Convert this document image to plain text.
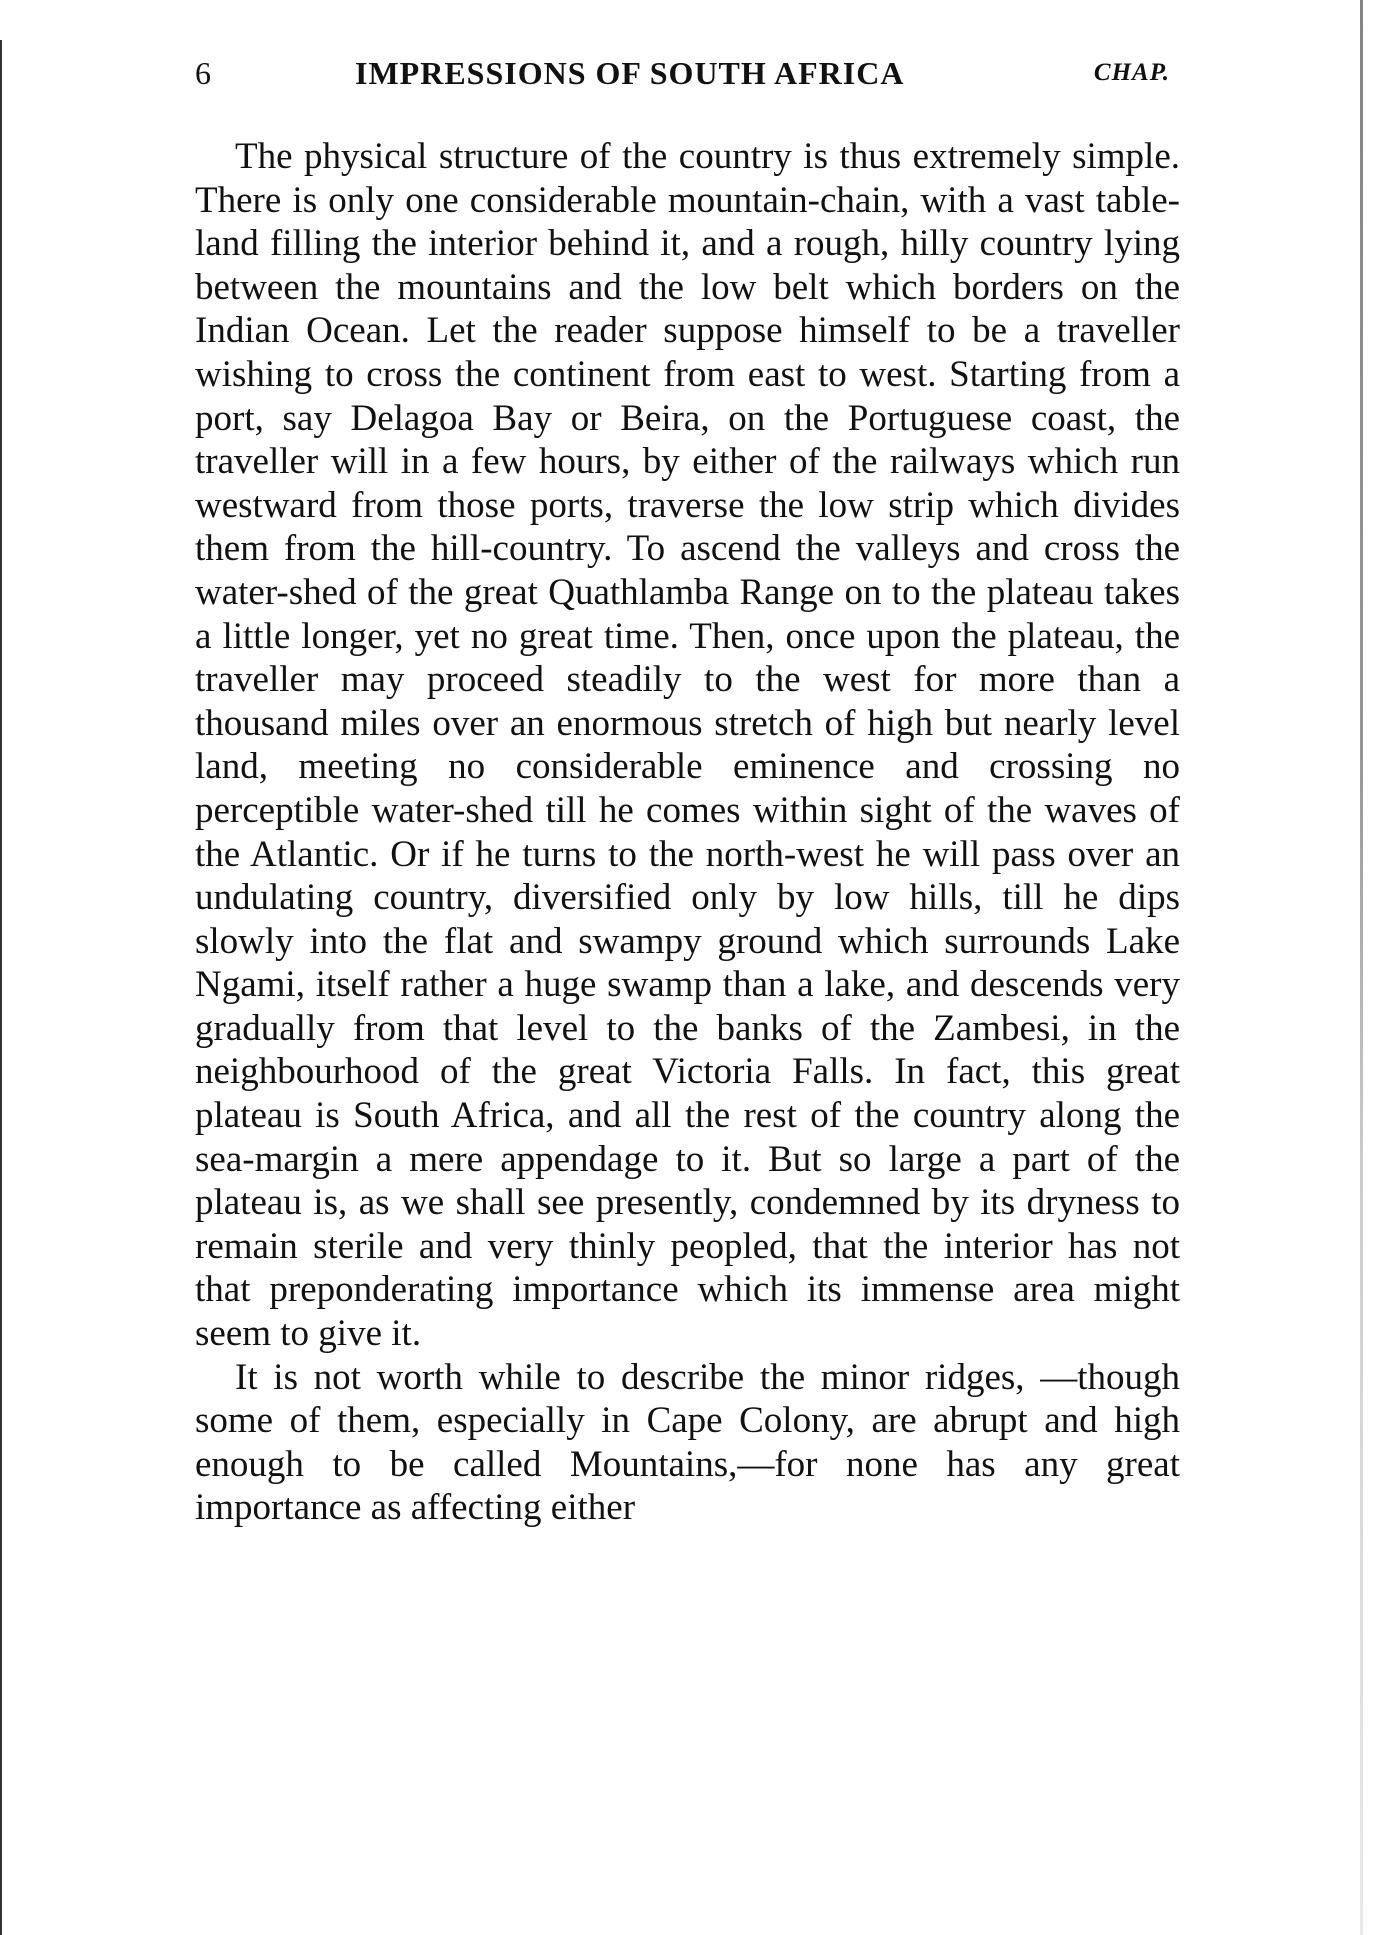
6	IMPRESSIONS OF SOUTH AFRICA	CHAP.

The physical structure of the country is thus extremely simple. There is only one considerable mountain-chain, with a vast table-land filling the interior behind it, and a rough, hilly country lying between the mountains and the low belt which borders on the Indian Ocean. Let the reader suppose himself to be a traveller wishing to cross the continent from east to west. Starting from a port, say Delagoa Bay or Beira, on the Portuguese coast, the traveller will in a few hours, by either of the railways which run westward from those ports, traverse the low strip which divides them from the hill-country. To ascend the valleys and cross the water-shed of the great Quathlamba Range on to the plateau takes a little longer, yet no great time. Then, once upon the plateau, the traveller may proceed steadily to the west for more than a thousand miles over an enormous stretch of high but nearly level land, meeting no considerable eminence and crossing no perceptible water-shed till he comes within sight of the waves of the Atlantic. Or if he turns to the north-west he will pass over an undulating country, diversified only by low hills, till he dips slowly into the flat and swampy ground which surrounds Lake Ngami, itself rather a huge swamp than a lake, and descends very gradually from that level to the banks of the Zambesi, in the neighbourhood of the great Victoria Falls. In fact, this great plateau is South Africa, and all the rest of the country along the sea-margin a mere appendage to it. But so large a part of the plateau is, as we shall see presently, condemned by its dryness to remain sterile and very thinly peopled, that the interior has not that preponderating importance which its immense area might seem to give it.

It is not worth while to describe the minor ridges, —though some of them, especially in Cape Colony, are abrupt and high enough to be called Mountains,—for none has any great importance as affecting either
